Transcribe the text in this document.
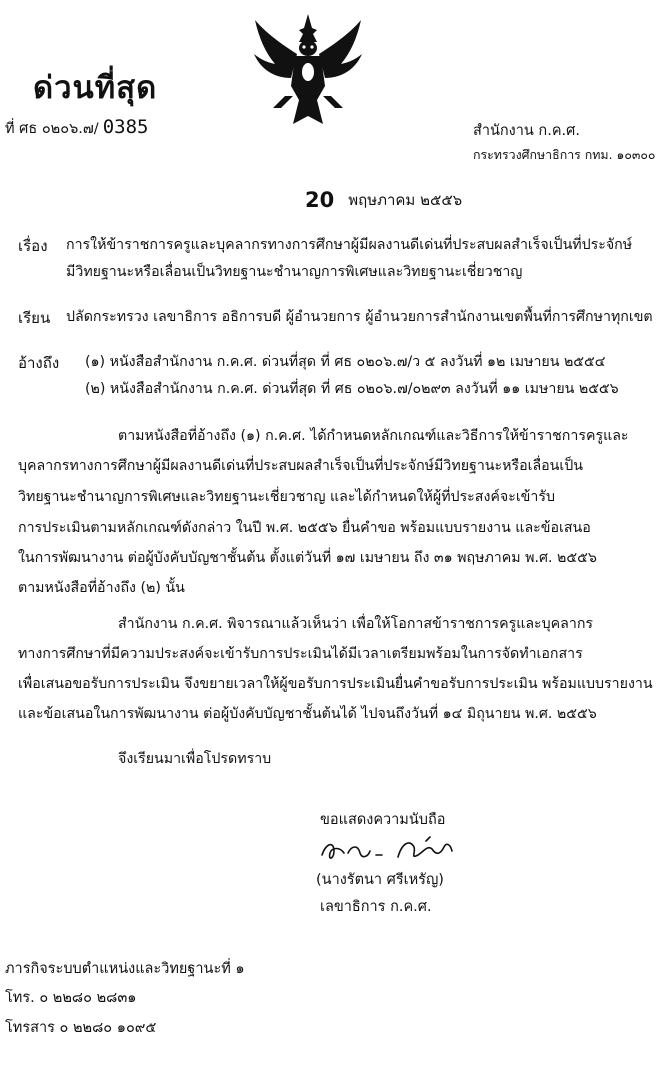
ด่วนที่สุด
ที่ ศธ ๐๒๐๖.๗/ 0385	สำนักงาน ก.ค.ศ.
กระทรวงศึกษาธิการ กทม. ๑๐๓๐๐
20 พฤษภาคม ๒๕๕๖
เรื่อง การให้ข้าราชการครูและบุคลากรทางการศึกษาผู้มีผลงานดีเด่นที่ประสบผลสำเร็จเป็นที่ประจักษ์
มีวิทยฐานะหรือเลื่อนเป็นวิทยฐานะชำนาญการพิเศษและวิทยฐานะเชี่ยวชาญ
เรียน ปลัดกระทรวง เลขาธิการ อธิการบดี ผู้อำนวยการ ผู้อำนวยการสำนักงานเขตพื้นที่การศึกษาทุกเขต
อ้างถึง (๑) หนังสือสำนักงาน ก.ค.ศ. ด่วนที่สุด ที่ ศธ ๐๒๐๖.๗/ว ๕ ลงวันที่ ๑๒ เมษายน ๒๕๕๔
(๒) หนังสือสำนักงาน ก.ค.ศ. ด่วนที่สุด ที่ ศธ ๐๒๐๖.๗/๐๒๙๓ ลงวันที่ ๑๑ เมษายน ๒๕๕๖
ตามหนังสือที่อ้างถึง (๑) ก.ค.ศ. ได้กำหนดหลักเกณฑ์และวิธีการให้ข้าราชการครูและ
บุคลากรทางการศึกษาผู้มีผลงานดีเด่นที่ประสบผลสำเร็จเป็นที่ประจักษ์มีวิทยฐานะหรือเลื่อนเป็น
วิทยฐานะชำนาญการพิเศษและวิทยฐานะเชี่ยวชาญ และได้กำหนดให้ผู้ที่ประสงค์จะเข้ารับ
การประเมินตามหลักเกณฑ์ดังกล่าว ในปี พ.ศ. ๒๕๕๖ ยื่นคำขอ พร้อมแบบรายงาน และข้อเสนอ
ในการพัฒนางาน ต่อผู้บังคับบัญชาชั้นต้น ตั้งแต่วันที่ ๑๗ เมษายน ถึง ๓๑ พฤษภาคม พ.ศ. ๒๕๕๖
ตามหนังสือที่อ้างถึง (๒) นั้น
สำนักงาน ก.ค.ศ. พิจารณาแล้วเห็นว่า เพื่อให้โอกาสข้าราชการครูและบุคลากร
ทางการศึกษาที่มีความประสงค์จะเข้ารับการประเมินได้มีเวลาเตรียมพร้อมในการจัดทำเอกสาร
เพื่อเสนอขอรับการประเมิน จึงขยายเวลาให้ผู้ขอรับการประเมินยื่นคำขอรับการประเมิน พร้อมแบบรายงาน
และข้อเสนอในการพัฒนางาน ต่อผู้บังคับบัญชาชั้นต้นได้ ไปจนถึงวันที่ ๑๔ มิถุนายน พ.ศ. ๒๕๕๖
จึงเรียนมาเพื่อโปรดทราบ
ขอแสดงความนับถือ
(นางรัตนา ศรีเหรัญ)
เลขาธิการ ก.ค.ศ.
ภารกิจระบบตำแหน่งและวิทยฐานะที่ ๑
โทร. ๐ ๒๒๘๐ ๒๘๓๑
โทรสาร ๐ ๒๒๘๐ ๑๐๙๕
